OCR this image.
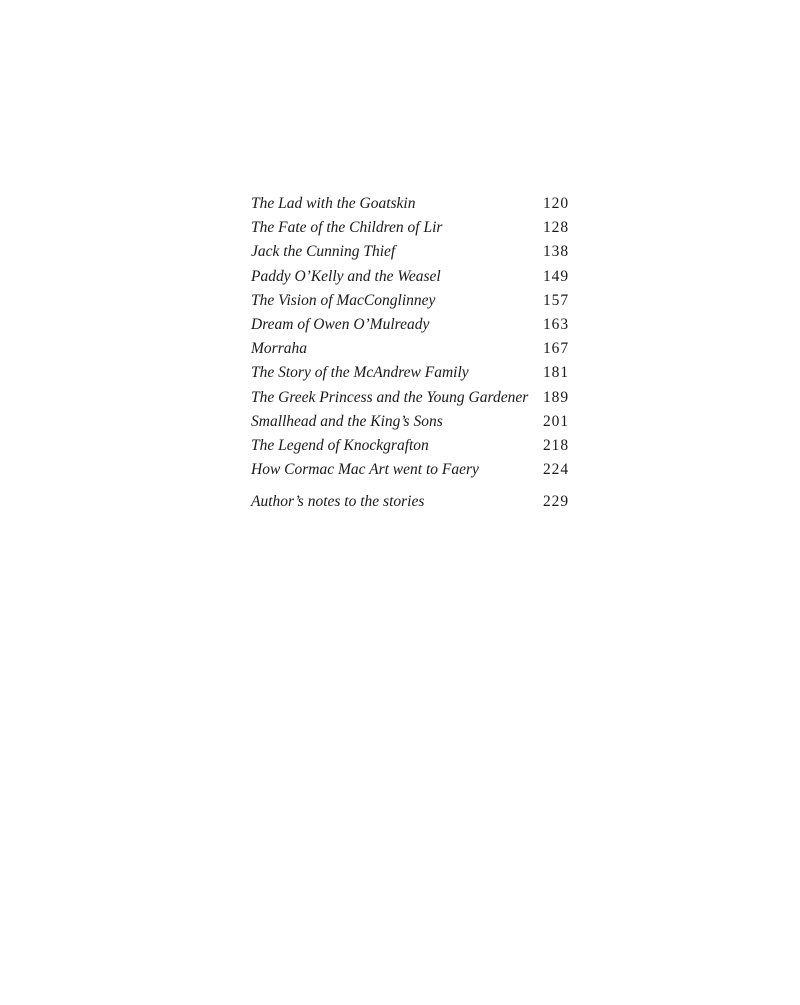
The Lad with the Goatskin	120
The Fate of the Children of Lir	128
Jack the Cunning Thief	138
Paddy O’Kelly and the Weasel	149
The Vision of MacConglinney	157
Dream of Owen O’Mulready	163
Morraha	167
The Story of the McAndrew Family	181
The Greek Princess and the Young Gardener 189
Smallhead and the King’s Sons	201
The Legend of Knockgrafton	218
How Cormac Mac Art went to Faery	224
Author’s notes to the stories	229
